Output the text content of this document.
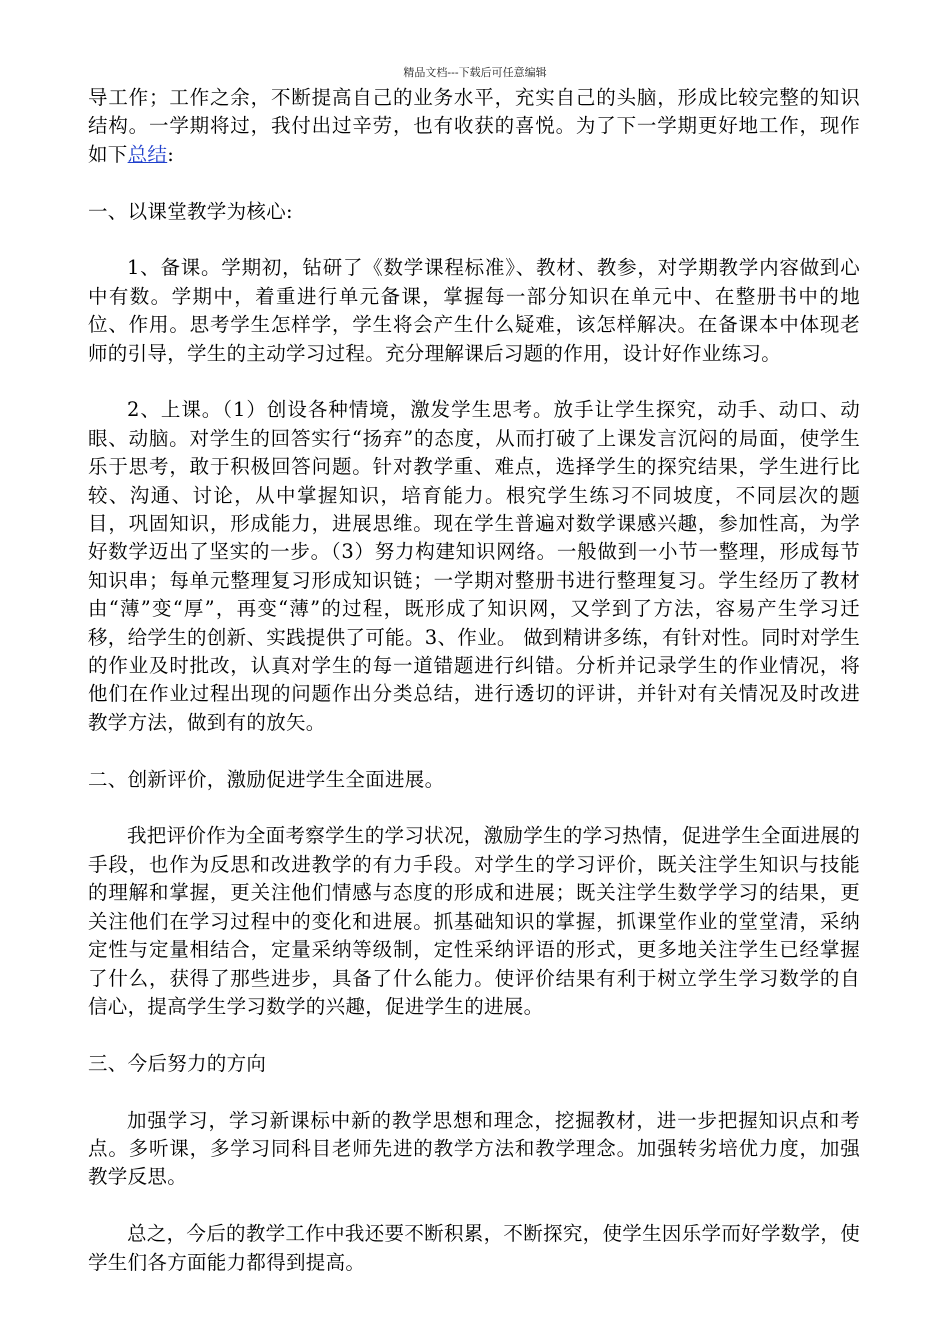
精品文档---下载后可任意编辑

导工作；工作之余，不断提高自己的业务水平，充实自己的头脑，形成比较完整的知识结构。一学期将过，我付出过辛劳，也有收获的喜悦。为了下一学期更好地工作，现作如下总结:

一、以课堂教学为核心:

1、备课。学期初，钻研了《数学课程标准》、教材、教参，对学期教学内容做到心中有数。学期中，着重进行单元备课，掌握每一部分知识在单元中、在整册书中的地位、作用。思考学生怎样学，学生将会产生什么疑难，该怎样解决。在备课本中体现老师的引导，学生的主动学习过程。充分理解课后习题的作用，设计好作业练习。

2、上课。（1）创设各种情境，激发学生思考。放手让学生探究，动手、动口、动眼、动脑。对学生的回答实行“扬弃”的态度，从而打破了上课发言沉闷的局面，使学生乐于思考，敢于积极回答问题。针对教学重、难点，选择学生的探究结果，学生进行比较、沟通、讨论，从中掌握知识，培育能力。根究学生练习不同坡度，不同层次的题目，巩固知识，形成能力，进展思维。现在学生普遍对数学课感兴趣，参加性高，为学好数学迈出了坚实的一步。（3）努力构建知识网络。一般做到一小节一整理，形成每节知识串；每单元整理复习形成知识链；一学期对整册书进行整理复习。学生经历了教材由“薄”变“厚”，再变“薄”的过程，既形成了知识网，又学到了方法，容易产生学习迁移，给学生的创新、实践提供了可能。3、作业。 做到精讲多练，有针对性。同时对学生的作业及时批改，认真对学生的每一道错题进行纠错。分析并记录学生的作业情况，将他们在作业过程出现的问题作出分类总结，进行透切的评讲，并针对有关情况及时改进教学方法，做到有的放矢。

二、创新评价，激励促进学生全面进展。

我把评价作为全面考察学生的学习状况，激励学生的学习热情，促进学生全面进展的手段，也作为反思和改进教学的有力手段。对学生的学习评价，既关注学生知识与技能的理解和掌握，更关注他们情感与态度的形成和进展；既关注学生数学学习的结果，更关注他们在学习过程中的变化和进展。抓基础知识的掌握，抓课堂作业的堂堂清，采纳定性与定量相结合，定量采纳等级制，定性采纳评语的形式，更多地关注学生已经掌握了什么，获得了那些进步，具备了什么能力。使评价结果有利于树立学生学习数学的自信心，提高学生学习数学的兴趣，促进学生的进展。

三、今后努力的方向

加强学习，学习新课标中新的教学思想和理念，挖掘教材，进一步把握知识点和考点。多听课，多学习同科目老师先进的教学方法和教学理念。加强转劣培优力度，加强教学反思。

总之，今后的教学工作中我还要不断积累，不断探究，使学生因乐学而好学数学，使学生们各方面能力都得到提高。
